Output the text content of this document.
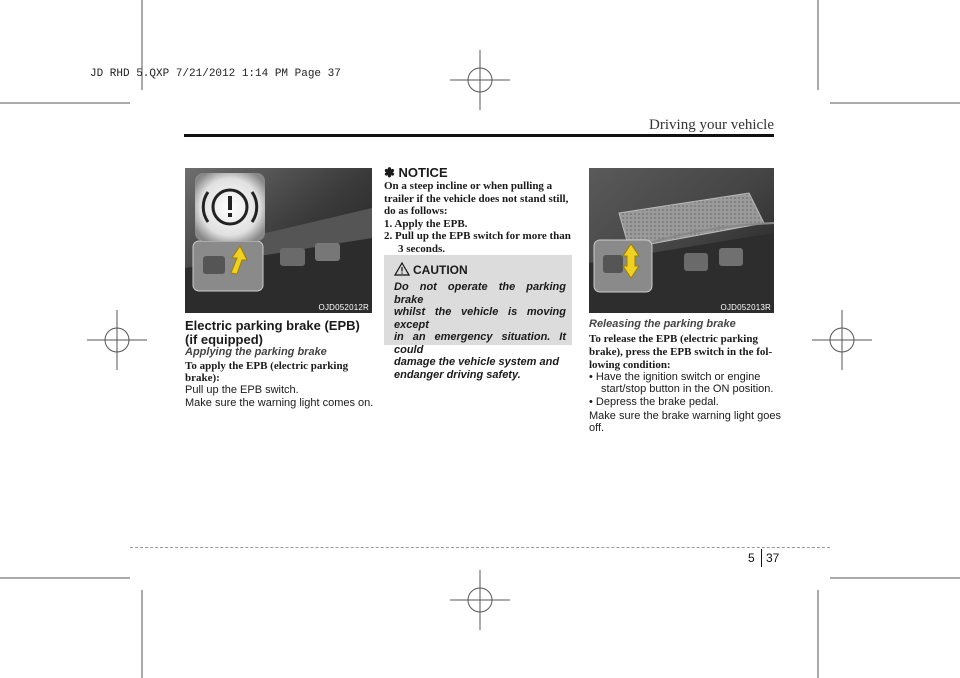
JD RHD 5.QXP 7/21/2012 1:14 PM Page 37
Driving your vehicle
OJD052012R
Electric parking brake (EPB)
(if equipped)
Applying the parking brake
To apply the EPB (electric parking
brake):
Pull up the EPB switch.
Make sure the warning light comes on.
✽ NOTICE
On a steep incline or when pulling a
trailer if the vehicle does not stand still,
do as follows:
1. Apply the EPB.
2. Pull up the EPB switch for more than
3 seconds.
CAUTION
Do not operate the parking brake
whilst the vehicle is moving except
in an emergency situation. It could
damage the vehicle system and
endanger driving safety.
OJD052013R
Releasing the parking brake
To release the EPB (electric parking
brake), press the EPB switch in the fol-
lowing condition:
• Have the ignition switch or engine
start/stop button in the ON position.
• Depress the brake pedal.
Make sure the brake warning light goes
off.
5 37
